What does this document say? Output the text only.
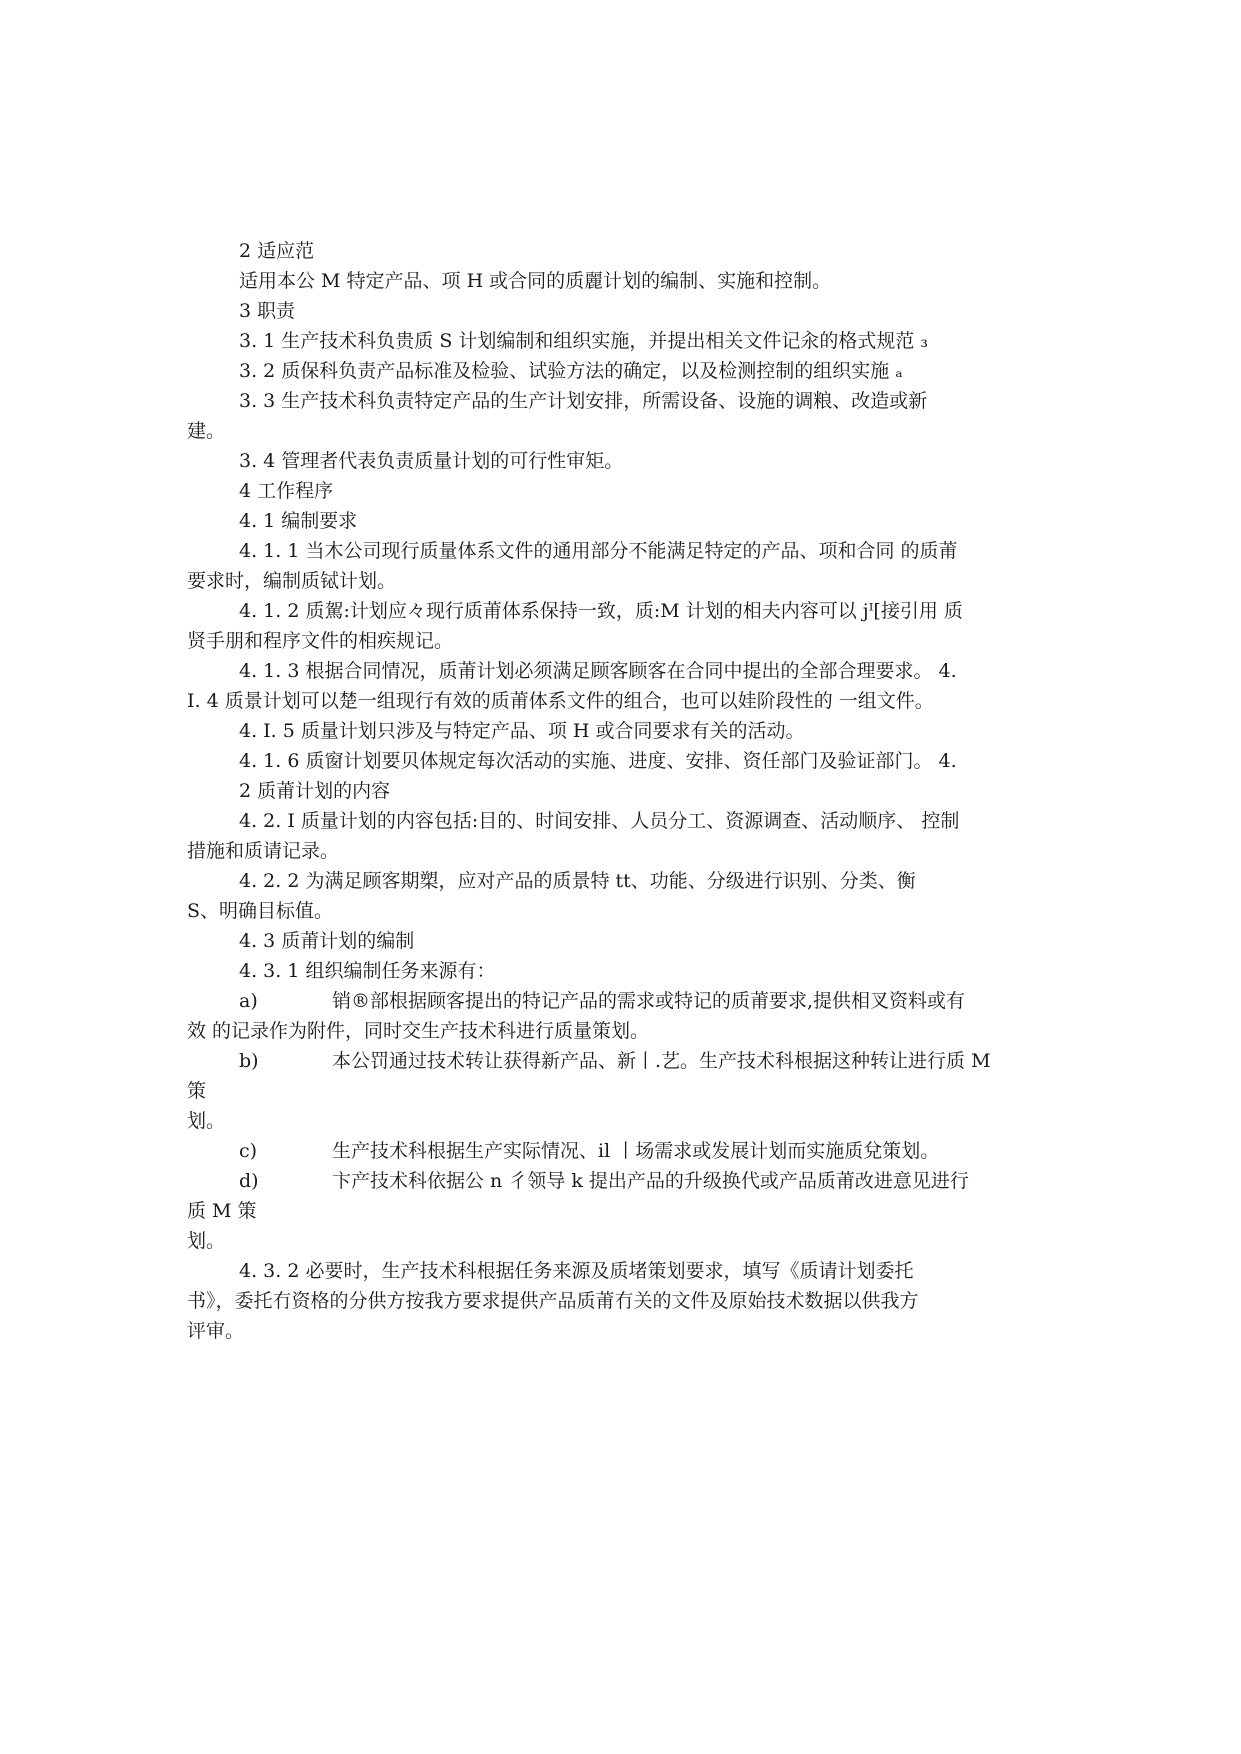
2 适应范
适用本公 M 特定产品、项 H 或合同的质麗计划的编制、实施和控制。
3 职责
3. 1 生产技术科负贵质 S 计划编制和组织实施，并提出相关文件记汆的格式规范 ₃
3. 2 质保科负责产品标准及检验、试验方法的确定，以及检测控制的组织实施 ₐ
3. 3 生产技术科负责特定产品的生产计划安排，所需设备、设施的调粮、改造或新
建。
3. 4 管理者代表负责质量计划的可行性审矩。
4 工作程序
4. 1 编制要求
4. 1. 1 当木公司现行质量体系文件的通用部分不能满足特定的产品、项和合同 的质莆
要求时，编制质铽计划。
4. 1. 2 质駕:计划应々现行质莆体系保持一致，质:M 计划的相夫内容可以 jᴵ[接引用 质
贤手朋和程序文件的相疾规记。
4. 1. 3 根据合同情况，质莆计划必须满足顾客顾客在合同中提出的全部合理要求。 4.
I. 4 质景计划可以楚一组现行有效的质莆体系文件的组合，也可以娃阶段性的 一组文件。
4. I. 5 质量计划只涉及与特定产品、项 H 或合同要求有关的活动。
4. 1. 6 质窗计划要贝体规定每次活动的实施、进度、安排、资任部门及验证部门。 4.
2 质莆计划的内容
4. 2. I 质量计划的内容包括:目的、时间安排、人员分工、资源调查、活动顺序、 控制
措施和质请记录。
4. 2. 2 为满足顾客期槊，应对产品的质景特 tt、功能、分级进行识别、分类、衡
S、明确目标值。
4. 3 质莆计划的编制
4. 3. 1 组织编制任务来源有：
a)	销®部根据顾客提出的特记产品的需求或特记的质莆要求,提供相叉资料或有
效 的记录作为附件，同时交生产技术科进行质量策划。
b)	本公罚通过技术转让获得新产品、新丨.艺。生产技术科根据这种转让进行质 M
策
划。
c)	生产技术科根据生产实际情况、il 丨场需求或发展计划而实施质兌策划。
d)	卞产技术科依据公 n 彳领导 k 提出产品的升级换代或产品质莆改进意见进行
质 M 策
划。
4. 3. 2 必要时，生产技术科根据任务来源及质堵策划要求，填写《质请计划委托
书》，委托冇资格的分供方按我方要求提供产品质莆冇关的文件及原始技术数据以供我方
评审。
